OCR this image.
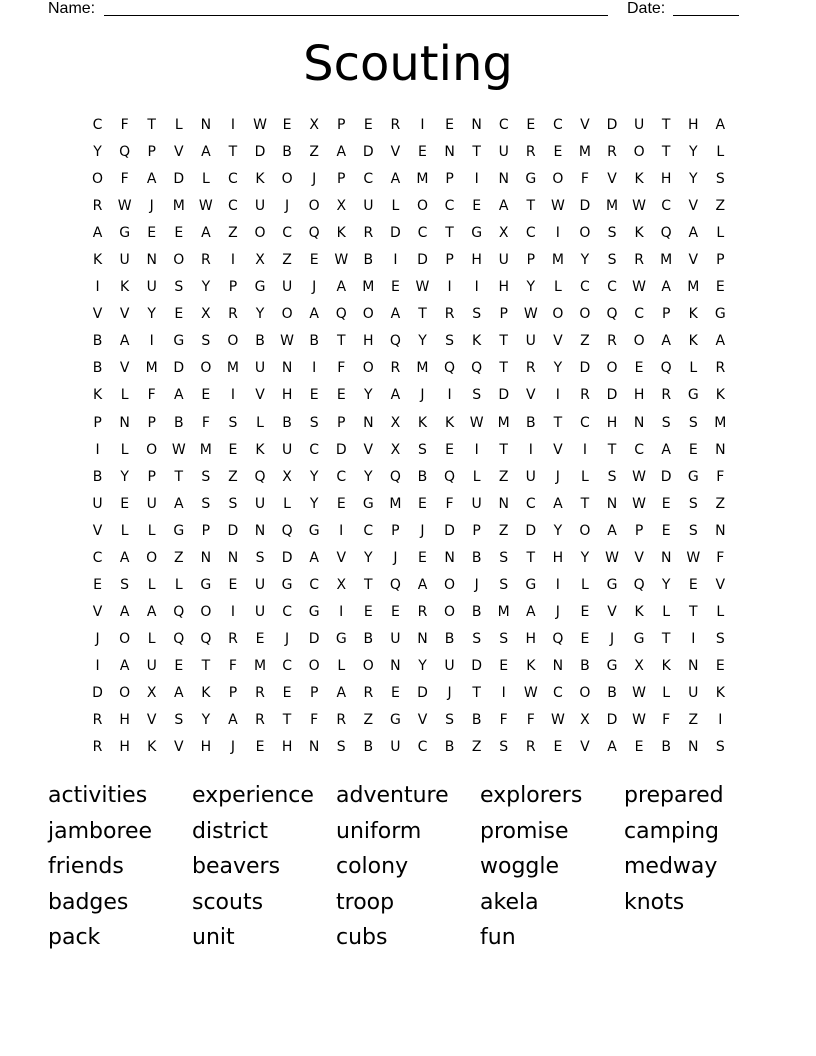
Name:	Date:
Scouting
C	F	T	L	N	I	W	E	X	P	E	R	I	E	N	C	E	C	V	D	U	T	H	A
Y	Q	P	V	A	T	D	B	Z	A	D	V	E	N	T	U	R	E	M	R	O	T	Y	L
O	F	A	D	L	C	K	O	J	P	C	A	M	P	I	N	G	O	F	V	K	H	Y	S
R	W	J	M	W	C	U	J	O	X	U	L	O	C	E	A	T	W	D	M	W	C	V	Z
A	G	E	E	A	Z	O	C	Q	K	R	D	C	T	G	X	C	I	O	S	K	Q	A	L
K	U	N	O	R	I	X	Z	E	W	B	I	D	P	H	U	P	M	Y	S	R	M	V	P
I	K	U	S	Y	P	G	U	J	A	M	E	W	I	I	H	Y	L	C	C	W	A	M	E
V	V	Y	E	X	R	Y	O	A	Q	O	A	T	R	S	P	W	O	O	Q	C	P	K	G
B	A	I	G	S	O	B	W	B	T	H	Q	Y	S	K	T	U	V	Z	R	O	A	K	A
B	V	M	D	O	M	U	N	I	F	O	R	M	Q	Q	T	R	Y	D	O	E	Q	L	R
K	L	F	A	E	I	V	H	E	E	Y	A	J	I	S	D	V	I	R	D	H	R	G	K
P	N	P	B	F	S	L	B	S	P	N	X	K	K	W	M	B	T	C	H	N	S	S	M
I	L	O	W	M	E	K	U	C	D	V	X	S	E	I	T	I	V	I	T	C	A	E	N
B	Y	P	T	S	Z	Q	X	Y	C	Y	Q	B	Q	L	Z	U	J	L	S	W	D	G	F
U	E	U	A	S	S	U	L	Y	E	G	M	E	F	U	N	C	A	T	N	W	E	S	Z
V	L	L	G	P	D	N	Q	G	I	C	P	J	D	P	Z	D	Y	O	A	P	E	S	N
C	A	O	Z	N	N	S	D	A	V	Y	J	E	N	B	S	T	H	Y	W	V	N	W	F
E	S	L	L	G	E	U	G	C	X	T	Q	A	O	J	S	G	I	L	G	Q	Y	E	V
V	A	A	Q	O	I	U	C	G	I	E	E	R	O	B	M	A	J	E	V	K	L	T	L
J	O	L	Q	Q	R	E	J	D	G	B	U	N	B	S	S	H	Q	E	J	G	T	I	S
I	A	U	E	T	F	M	C	O	L	O	N	Y	U	D	E	K	N	B	G	X	K	N	E
D	O	X	A	K	P	R	E	P	A	R	E	D	J	T	I	W	C	O	B	W	L	U	K
R	H	V	S	Y	A	R	T	F	R	Z	G	V	S	B	F	F	W	X	D	W	F	Z	I
R	H	K	V	H	J	E	H	N	S	B	U	C	B	Z	S	R	E	V	A	E	B	N	S
activities	experience	adventure	explorers	prepared
jamboree	district	uniform	promise	camping
friends	beavers	colony	woggle	medway
badges	scouts	troop	akela	knots
pack	unit	cubs	fun
